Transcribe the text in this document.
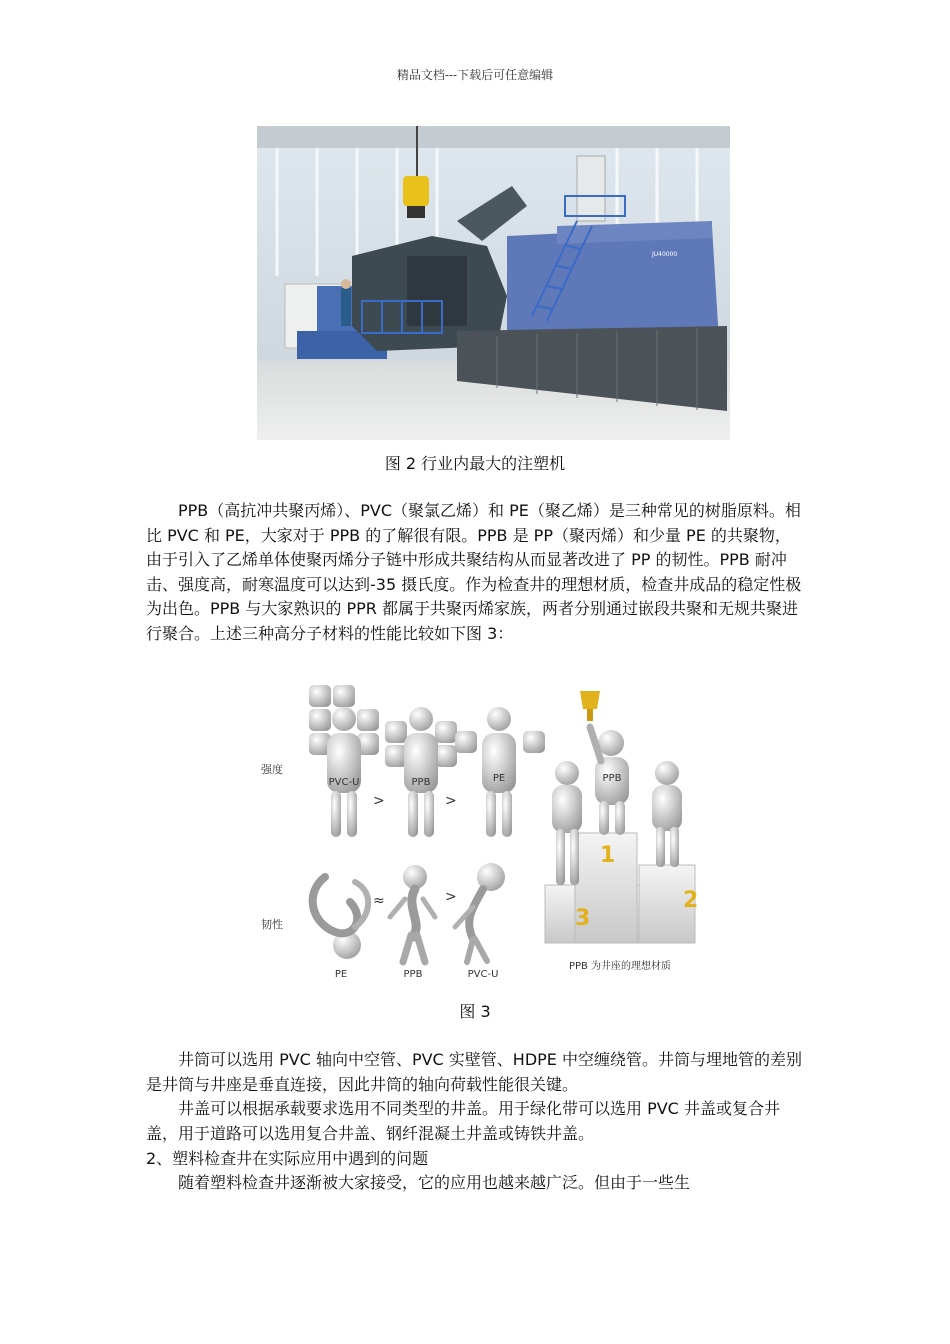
精品文档---下载后可任意编辑
JU40000
图 2 行业内最大的注塑机

PPB（高抗冲共聚丙烯）、PVC（聚氯乙烯）和 PE（聚乙烯）是三种常见的树脂原料。相比 PVC 和 PE，大家对于 PPB 的了解很有限。PPB 是 PP（聚丙烯）和少量 PE 的共聚物，由于引入了乙烯单体使聚丙烯分子链中形成共聚结构从而显著改进了 PP 的韧性。PPB 耐冲击、强度高，耐寒温度可以达到-35 摄氏度。作为检查井的理想材质，检查井成品的稳定性极为出色。PPB 与大家熟识的 PPR 都属于共聚丙烯家族，两者分别通过嵌段共聚和无规共聚进行聚合。上述三种高分子材料的性能比较如下图 3：

强度
韧性
PVC-U
>
PPB
>
PE
PE
≈
PPB
>
PVC-U
1
2
3
PPB
PPB 为井座的理想材质
图 3

井筒可以选用 PVC 轴向中空管、PVC 实壁管、HDPE 中空缠绕管。井筒与埋地管的差别是井筒与井座是垂直连接，因此井筒的轴向荷载性能很关键。

井盖可以根据承载要求选用不同类型的井盖。用于绿化带可以选用 PVC 井盖或复合井盖，用于道路可以选用复合井盖、钢纤混凝土井盖或铸铁井盖。

2、塑料检查井在实际应用中遇到的问题

随着塑料检查井逐渐被大家接受，它的应用也越来越广泛。但由于一些生
